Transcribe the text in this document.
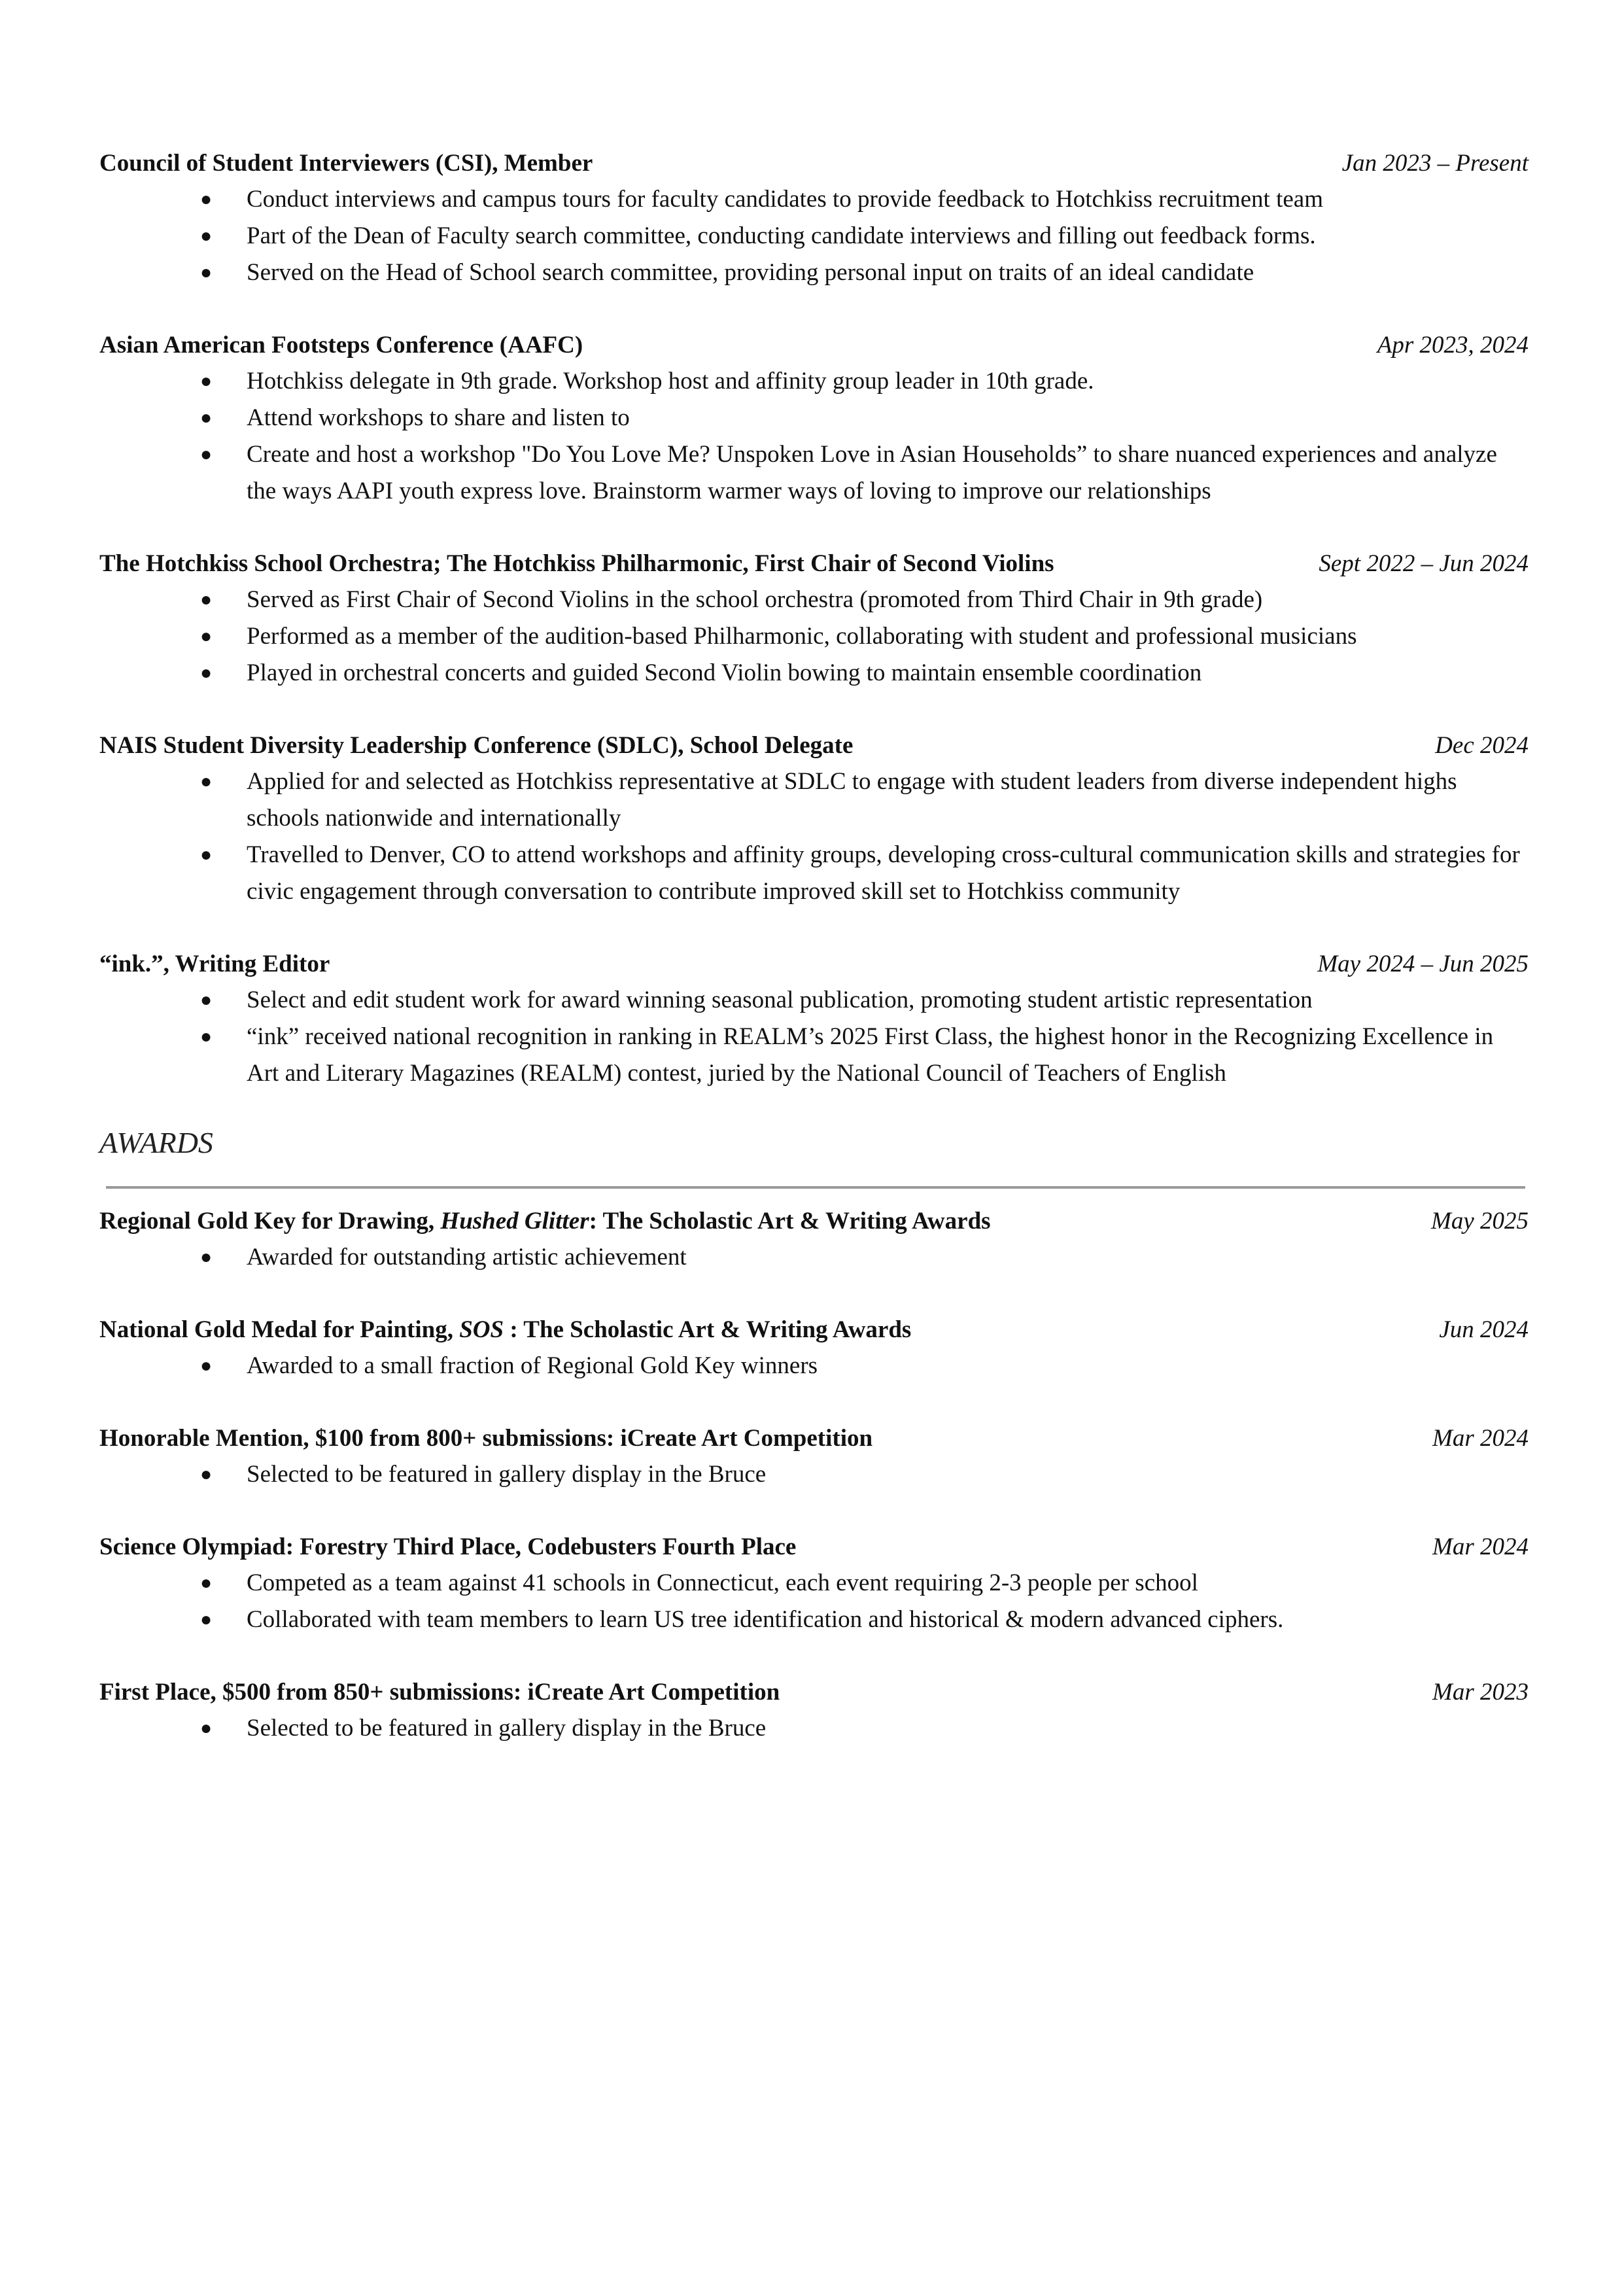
Council of Student Interviewers (CSI), Member	Jan 2023 – Present
● Conduct interviews and campus tours for faculty candidates to provide feedback to Hotchkiss recruitment team
● Part of the Dean of Faculty search committee, conducting candidate interviews and filling out feedback forms.
● Served on the Head of School search committee, providing personal input on traits of an ideal candidate
Asian American Footsteps Conference (AAFC)	Apr 2023, 2024
● Hotchkiss delegate in 9th grade. Workshop host and affinity group leader in 10th grade.
● Attend workshops to share and listen to
● Create and host a workshop "Do You Love Me? Unspoken Love in Asian Households” to share nuanced experiences and analyze the ways AAPI youth express love. Brainstorm warmer ways of loving to improve our relationships
The Hotchkiss School Orchestra; The Hotchkiss Philharmonic, First Chair of Second Violins	Sept 2022 – Jun 2024
● Served as First Chair of Second Violins in the school orchestra (promoted from Third Chair in 9th grade)
● Performed as a member of the audition-based Philharmonic, collaborating with student and professional musicians
● Played in orchestral concerts and guided Second Violin bowing to maintain ensemble coordination
NAIS Student Diversity Leadership Conference (SDLC), School Delegate	Dec 2024
● Applied for and selected as Hotchkiss representative at SDLC to engage with student leaders from diverse independent highs schools nationwide and internationally
● Travelled to Denver, CO to attend workshops and affinity groups, developing cross-cultural communication skills and strategies for civic engagement through conversation to contribute improved skill set to Hotchkiss community
“ink.”, Writing Editor	May 2024 – Jun 2025
● Select and edit student work for award winning seasonal publication, promoting student artistic representation
● “ink” received national recognition in ranking in REALM’s 2025 First Class, the highest honor in the Recognizing Excellence in Art and Literary Magazines (REALM) contest, juried by the National Council of Teachers of English
AWARDS
Regional Gold Key for Drawing, Hushed Glitter: The Scholastic Art & Writing Awards	May 2025
● Awarded for outstanding artistic achievement
National Gold Medal for Painting, SOS : The Scholastic Art & Writing Awards	Jun 2024
● Awarded to a small fraction of Regional Gold Key winners
Honorable Mention, $100 from 800+ submissions: iCreate Art Competition	Mar 2024
● Selected to be featured in gallery display in the Bruce
Science Olympiad: Forestry Third Place, Codebusters Fourth Place	Mar 2024
● Competed as a team against 41 schools in Connecticut, each event requiring 2-3 people per school
● Collaborated with team members to learn US tree identification and historical & modern advanced ciphers.
First Place, $500 from 850+ submissions: iCreate Art Competition	Mar 2023
● Selected to be featured in gallery display in the Bruce
